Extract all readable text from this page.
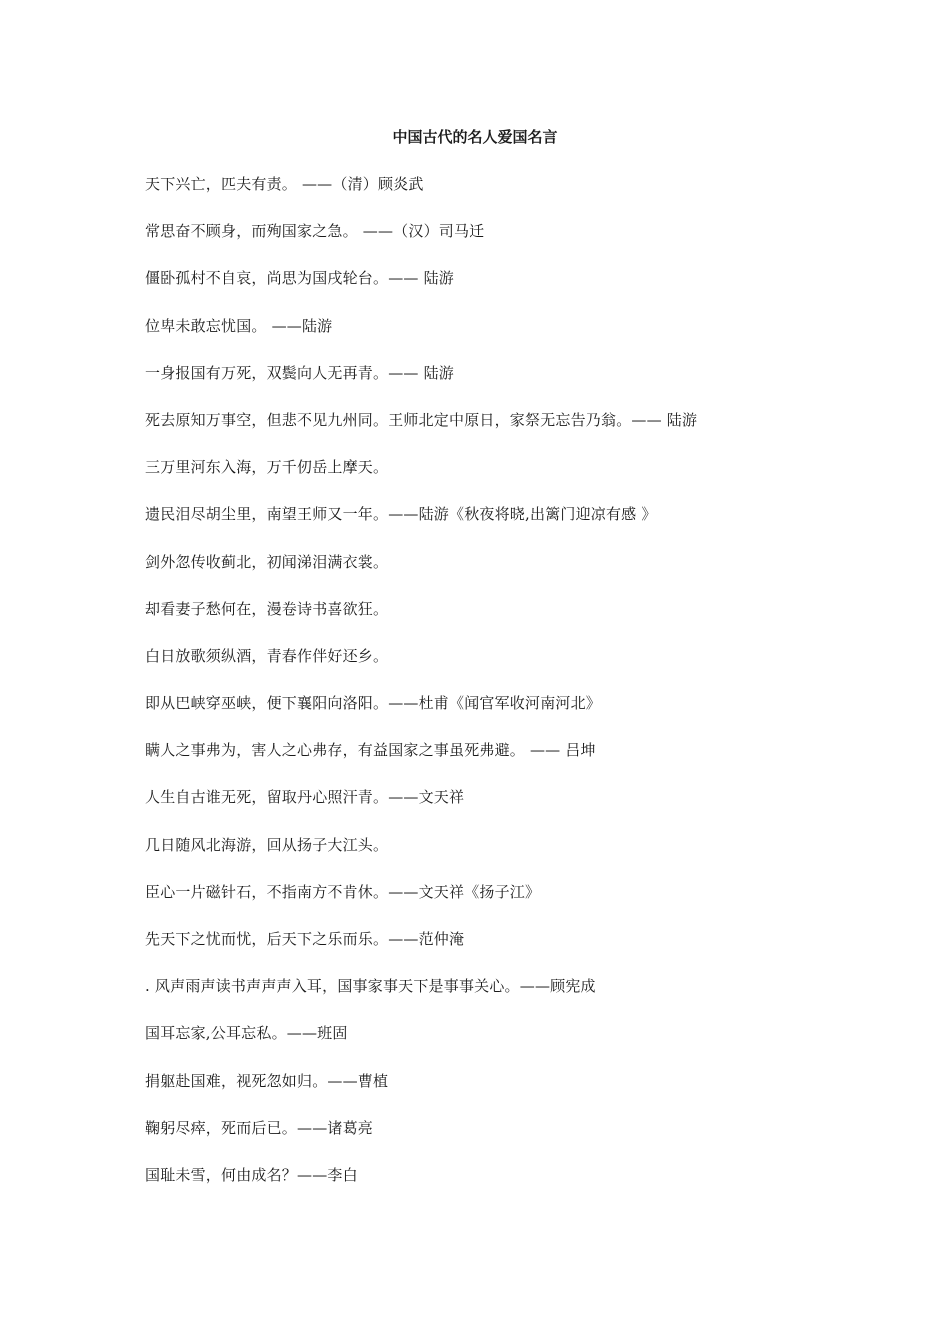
中国古代的名人爱国名言
天下兴亡，匹夫有责。 ——（清）顾炎武
常思奋不顾身，而殉国家之急。 ——（汉）司马迁
僵卧孤村不自哀，尚思为国戌轮台。—— 陆游
位卑未敢忘忧国。 ——陆游
一身报国有万死，双鬓向人无再青。—— 陆游
死去原知万事空，但悲不见九州同。王师北定中原日，家祭无忘告乃翁。—— 陆游
三万里河东入海，万千仞岳上摩天。
遗民泪尽胡尘里，南望王师又一年。——陆游《秋夜将晓,出篱门迎凉有感 》
剑外忽传收蓟北，初闻涕泪满衣裳。
却看妻子愁何在，漫卷诗书喜欲狂。
白日放歌须纵酒，青春作伴好还乡。
即从巴峡穿巫峡，便下襄阳向洛阳。——杜甫《闻官军收河南河北》
瞒人之事弗为，害人之心弗存，有益国家之事虽死弗避。 —— 吕坤
人生自古谁无死，留取丹心照汗青。——文天祥
几日随风北海游，回从扬子大江头。
臣心一片磁针石，不指南方不肯休。——文天祥《扬子江》
先天下之忧而忧，后天下之乐而乐。——范仲淹
. 风声雨声读书声声声入耳，国事家事天下是事事关心。——顾宪成
国耳忘家,公耳忘私。——班固
捐躯赴国难，视死忽如归。——曹植
鞠躬尽瘁，死而后已。——诸葛亮
国耻未雪，何由成名？——李白
